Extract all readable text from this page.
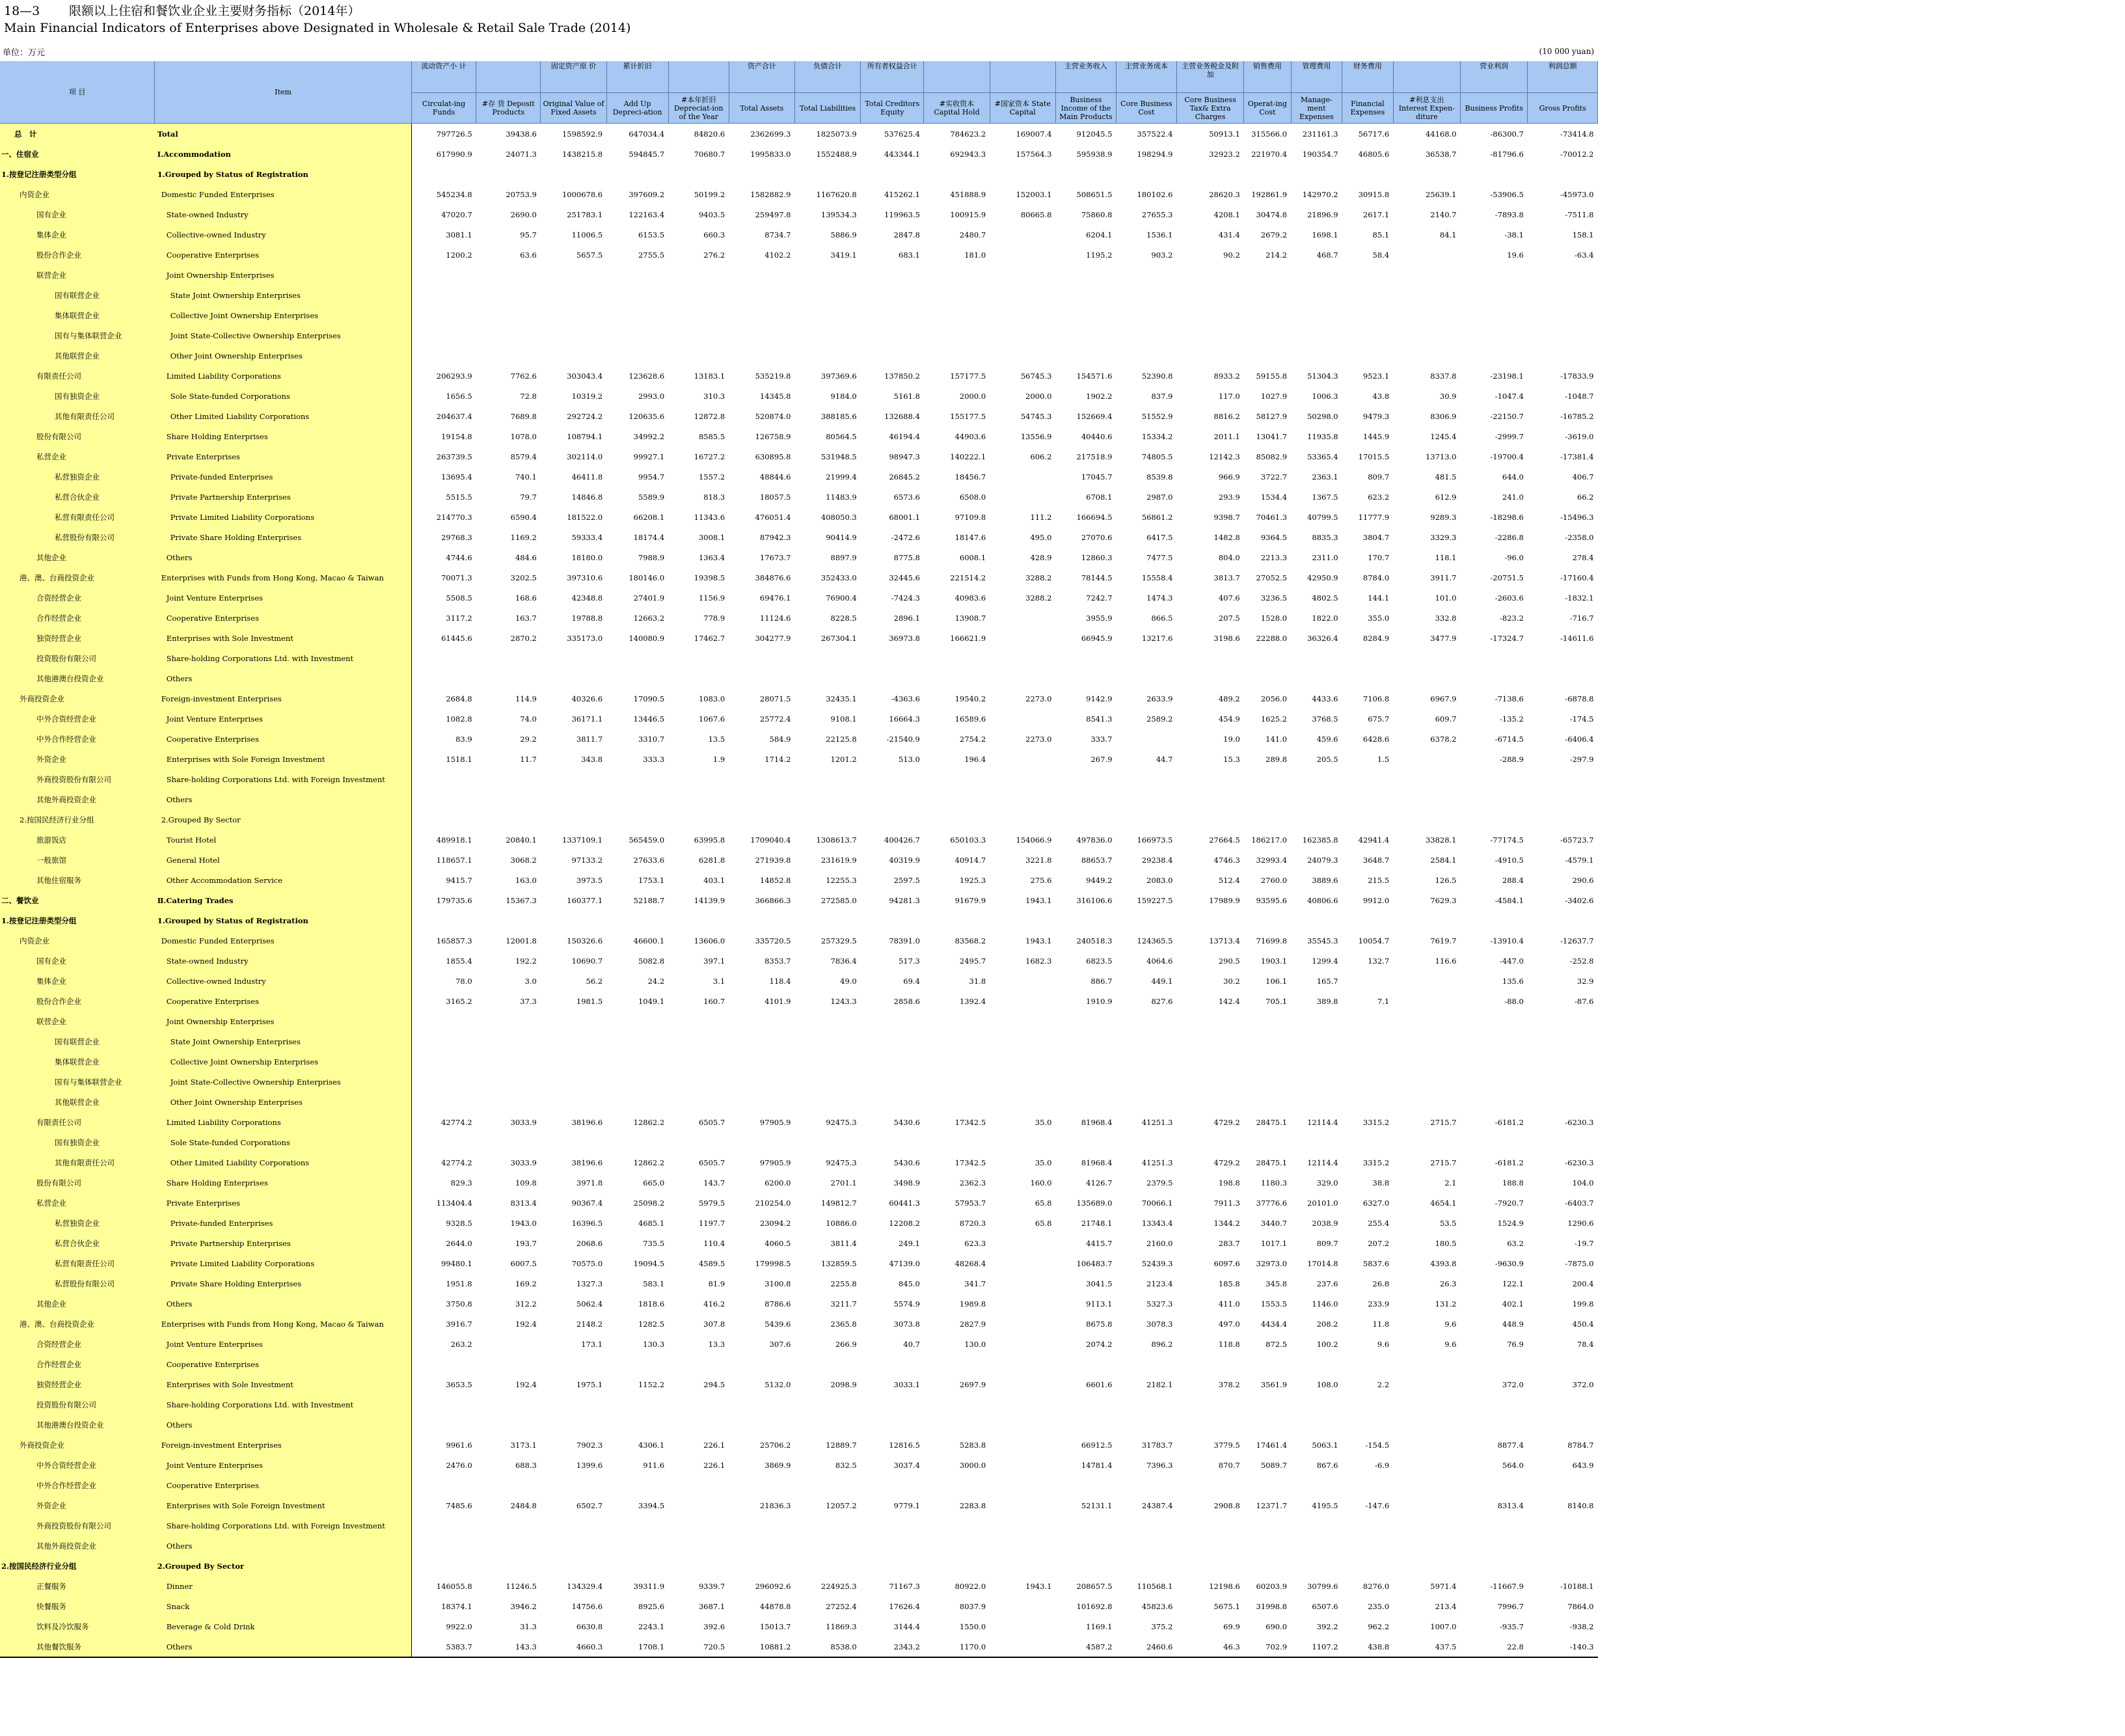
18—3 限额以上住宿和餐饮业企业主要财务指标（2014年）
Main Financial Indicators of Enterprises above Designated in Wholesale & Retail Sale Trade (2014)
单位：万元	(10 000 yuan)
项 目	Item	流动资产小 计		固定资产原 价	累计折旧		资产合计	负债合计	所有者权益合计			主营业务收入	主营业务成本	主营业务税金及附加	销售费用	管理费用	财务费用		营业利润	利润总额
		Circulat-ing Funds	#存 货 Deposit Products	Original Value of Fixed Assets	Add Up Depreci-ation	#本年折旧 Depreciat-ion of the Year	Total Assets	Total Liabilities	Total Creditors Equity	#实收资本 Capital Hold	#国家资本 State Capital	Business Income of the Main Products	Core Business Cost	Core Business Tax& Extra Charges	Operat-ing Cost	Manage-ment Expenses	Financial Expenses	#利息支出 Interest Expen-diture	Business Profits	Gross Profits
总　计	Total	797726.5	39438.6	1598592.9	647034.4	84820.6	2362699.3	1825073.9	537625.4	784623.2	169007.4	912045.5	357522.4	50913.1	315566.0	231161.3	56717.6	44168.0	-86300.7	-73414.8
一、住宿业	Ⅰ.Accommodation	617990.9	24071.3	1438215.8	594845.7	70680.7	1995833.0	1552488.9	443344.1	692943.3	157564.3	595938.9	198294.9	32923.2	221970.4	190354.7	46805.6	36538.7	-81796.6	-70012.2
1.按登记注册类型分组	1.Grouped by Status of Registration																			
内资企业	Domestic Funded Enterprises	545234.8	20753.9	1000678.6	397609.2	50199.2	1582882.9	1167620.8	415262.1	451888.9	152003.1	508651.5	180102.6	28620.3	192861.9	142970.2	30915.8	25639.1	-53906.5	-45973.0
国有企业	State-owned Industry	47020.7	2690.0	251783.1	122163.4	9403.5	259497.8	139534.3	119963.5	100915.9	80665.8	75860.8	27655.3	4208.1	30474.8	21896.9	2617.1	2140.7	-7893.8	-7511.8
集体企业	Collective-owned Industry	3081.1	95.7	11006.5	6153.5	660.3	8734.7	5886.9	2847.8	2480.7		6204.1	1536.1	431.4	2679.2	1698.1	85.1	84.1	-38.1	158.1
股份合作企业	Cooperative Enterprises	1200.2	63.6	5657.5	2755.5	276.2	4102.2	3419.1	683.1	181.0		1195.2	903.2	90.2	214.2	468.7	58.4		19.6	-63.4
联营企业	Joint Ownership Enterprises																			
国有联营企业	State Joint Ownership Enterprises																			
集体联营企业	Collective Joint Ownership Enterprises																			
国有与集体联营企业	Joint State-Collective Ownership Enterprises																			
其他联营企业	Other Joint Ownership Enterprises																			
有限责任公司	Limited Liability Corporations	206293.9	7762.6	303043.4	123628.6	13183.1	535219.8	397369.6	137850.2	157177.5	56745.3	154571.6	52390.8	8933.2	59155.8	51304.3	9523.1	8337.8	-23198.1	-17833.9
国有独资企业	Sole State-funded Corporations	1656.5	72.8	10319.2	2993.0	310.3	14345.8	9184.0	5161.8	2000.0	2000.0	1902.2	837.9	117.0	1027.9	1006.3	43.8	30.9	-1047.4	-1048.7
其他有限责任公司	Other Limited Liability Corporations	204637.4	7689.8	292724.2	120635.6	12872.8	520874.0	388185.6	132688.4	155177.5	54745.3	152669.4	51552.9	8816.2	58127.9	50298.0	9479.3	8306.9	-22150.7	-16785.2
股份有限公司	Share Holding Enterprises	19154.8	1078.0	108794.1	34992.2	8585.5	126758.9	80564.5	46194.4	44903.6	13556.9	40440.6	15334.2	2011.1	13041.7	11935.8	1445.9	1245.4	-2999.7	-3619.0
私营企业	Private Enterprises	263739.5	8579.4	302114.0	99927.1	16727.2	630895.8	531948.5	98947.3	140222.1	606.2	217518.9	74805.5	12142.3	85082.9	53365.4	17015.5	13713.0	-19700.4	-17381.4
私营独资企业	Private-funded Enterprises	13695.4	740.1	46411.8	9954.7	1557.2	48844.6	21999.4	26845.2	18456.7		17045.7	8539.8	966.9	3722.7	2363.1	809.7	481.5	644.0	406.7
私营合伙企业	Private Partnership Enterprises	5515.5	79.7	14846.8	5589.9	818.3	18057.5	11483.9	6573.6	6508.0		6708.1	2987.0	293.9	1534.4	1367.5	623.2	612.9	241.0	66.2
私营有限责任公司	Private Limited Liability Corporations	214770.3	6590.4	181522.0	66208.1	11343.6	476051.4	408050.3	68001.1	97109.8	111.2	166694.5	56861.2	9398.7	70461.3	40799.5	11777.9	9289.3	-18298.6	-15496.3
私营股份有限公司	Private Share Holding Enterprises	29768.3	1169.2	59333.4	18174.4	3008.1	87942.3	90414.9	-2472.6	18147.6	495.0	27070.6	6417.5	1482.8	9364.5	8835.3	3804.7	3329.3	-2286.8	-2358.0
其他企业	Others	4744.6	484.6	18180.0	7988.9	1363.4	17673.7	8897.9	8775.8	6008.1	428.9	12860.3	7477.5	804.0	2213.3	2311.0	170.7	118.1	-96.0	278.4
港、澳、台商投资企业	Enterprises with Funds from Hong Kong, Macao & Taiwan	70071.3	3202.5	397310.6	180146.0	19398.5	384876.6	352433.0	32445.6	221514.2	3288.2	78144.5	15558.4	3813.7	27052.5	42950.9	8784.0	3911.7	-20751.5	-17160.4
合资经营企业	Joint Venture Enterprises	5508.5	168.6	42348.8	27401.9	1156.9	69476.1	76900.4	-7424.3	40983.6	3288.2	7242.7	1474.3	407.6	3236.5	4802.5	144.1	101.0	-2603.6	-1832.1
合作经营企业	Cooperative Enterprises	3117.2	163.7	19788.8	12663.2	778.9	11124.6	8228.5	2896.1	13908.7		3955.9	866.5	207.5	1528.0	1822.0	355.0	332.8	-823.2	-716.7
独资经营企业	Enterprises with Sole Investment	61445.6	2870.2	335173.0	140080.9	17462.7	304277.9	267304.1	36973.8	166621.9		66945.9	13217.6	3198.6	22288.0	36326.4	8284.9	3477.9	-17324.7	-14611.6
投资股份有限公司	Share-holding Corporations Ltd. with Investment																			
其他港澳台投资企业	Others																			
外商投资企业	Foreign-investment Enterprises	2684.8	114.9	40326.6	17090.5	1083.0	28071.5	32435.1	-4363.6	19540.2	2273.0	9142.9	2633.9	489.2	2056.0	4433.6	7106.8	6967.9	-7138.6	-6878.8
中外合资经营企业	Joint Venture Enterprises	1082.8	74.0	36171.1	13446.5	1067.6	25772.4	9108.1	16664.3	16589.6		8541.3	2589.2	454.9	1625.2	3768.5	675.7	609.7	-135.2	-174.5
中外合作经营企业	Cooperative Enterprises	83.9	29.2	3811.7	3310.7	13.5	584.9	22125.8	-21540.9	2754.2	2273.0	333.7		19.0	141.0	459.6	6428.6	6378.2	-6714.5	-6406.4
外资企业	Enterprises with Sole Foreign Investment	1518.1	11.7	343.8	333.3	1.9	1714.2	1201.2	513.0	196.4		267.9	44.7	15.3	289.8	205.5	1.5		-288.9	-297.9
外商投资股份有限公司	Share-holding Corporations Ltd. with Foreign Investment																			
其他外商投资企业	Others																			
2.按国民经济行业分组	2.Grouped By Sector																			
旅游饭店	Tourist Hotel	489918.1	20840.1	1337109.1	565459.0	63995.8	1709040.4	1308613.7	400426.7	650103.3	154066.9	497836.0	166973.5	27664.5	186217.0	162385.8	42941.4	33828.1	-77174.5	-65723.7
一般旅馆	General Hotel	118657.1	3068.2	97133.2	27633.6	6281.8	271939.8	231619.9	40319.9	40914.7	3221.8	88653.7	29238.4	4746.3	32993.4	24079.3	3648.7	2584.1	-4910.5	-4579.1
其他住宿服务	Other Accommodation Service	9415.7	163.0	3973.5	1753.1	403.1	14852.8	12255.3	2597.5	1925.3	275.6	9449.2	2083.0	512.4	2760.0	3889.6	215.5	126.5	288.4	290.6
二、餐饮业	Ⅱ.Catering Trades	179735.6	15367.3	160377.1	52188.7	14139.9	366866.3	272585.0	94281.3	91679.9	1943.1	316106.6	159227.5	17989.9	93595.6	40806.6	9912.0	7629.3	-4584.1	-3402.6
1.按登记注册类型分组	1.Grouped by Status of Registration																			
内资企业	Domestic Funded Enterprises	165857.3	12001.8	150326.6	46600.1	13606.0	335720.5	257329.5	78391.0	83568.2	1943.1	240518.3	124365.5	13713.4	71699.8	35545.3	10054.7	7619.7	-13910.4	-12637.7
国有企业	State-owned Industry	1855.4	192.2	10690.7	5082.8	397.1	8353.7	7836.4	517.3	2495.7	1682.3	6823.5	4064.6	290.5	1903.1	1299.4	132.7	116.6	-447.0	-252.8
集体企业	Collective-owned Industry	78.0	3.0	56.2	24.2	3.1	118.4	49.0	69.4	31.8		886.7	449.1	30.2	106.1	165.7			135.6	32.9
股份合作企业	Cooperative Enterprises	3165.2	37.3	1981.5	1049.1	160.7	4101.9	1243.3	2858.6	1392.4		1910.9	827.6	142.4	705.1	389.8	7.1		-88.0	-87.6
联营企业	Joint Ownership Enterprises																			
国有联营企业	State Joint Ownership Enterprises																			
集体联营企业	Collective Joint Ownership Enterprises																			
国有与集体联营企业	Joint State-Collective Ownership Enterprises																			
其他联营企业	Other Joint Ownership Enterprises																			
有限责任公司	Limited Liability Corporations	42774.2	3033.9	38196.6	12862.2	6505.7	97905.9	92475.3	5430.6	17342.5	35.0	81968.4	41251.3	4729.2	28475.1	12114.4	3315.2	2715.7	-6181.2	-6230.3
国有独资企业	Sole State-funded Corporations																			
其他有限责任公司	Other Limited Liability Corporations	42774.2	3033.9	38196.6	12862.2	6505.7	97905.9	92475.3	5430.6	17342.5	35.0	81968.4	41251.3	4729.2	28475.1	12114.4	3315.2	2715.7	-6181.2	-6230.3
股份有限公司	Share Holding Enterprises	829.3	109.8	3971.8	665.0	143.7	6200.0	2701.1	3498.9	2362.3	160.0	4126.7	2379.5	198.8	1180.3	329.0	38.8	2.1	188.8	104.0
私营企业	Private Enterprises	113404.4	8313.4	90367.4	25098.2	5979.5	210254.0	149812.7	60441.3	57953.7	65.8	135689.0	70066.1	7911.3	37776.6	20101.0	6327.0	4654.1	-7920.7	-6403.7
私营独资企业	Private-funded Enterprises	9328.5	1943.0	16396.5	4685.1	1197.7	23094.2	10886.0	12208.2	8720.3	65.8	21748.1	13343.4	1344.2	3440.7	2038.9	255.4	53.5	1524.9	1290.6
私营合伙企业	Private Partnership Enterprises	2644.0	193.7	2068.6	735.5	110.4	4060.5	3811.4	249.1	623.3		4415.7	2160.0	283.7	1017.1	809.7	207.2	180.5	63.2	-19.7
私营有限责任公司	Private Limited Liability Corporations	99480.1	6007.5	70575.0	19094.5	4589.5	179998.5	132859.5	47139.0	48268.4		106483.7	52439.3	6097.6	32973.0	17014.8	5837.6	4393.8	-9630.9	-7875.0
私营股份有限公司	Private Share Holding Enterprises	1951.8	169.2	1327.3	583.1	81.9	3100.8	2255.8	845.0	341.7		3041.5	2123.4	185.8	345.8	237.6	26.8	26.3	122.1	200.4
其他企业	Others	3750.8	312.2	5062.4	1818.6	416.2	8786.6	3211.7	5574.9	1989.8		9113.1	5327.3	411.0	1553.5	1146.0	233.9	131.2	402.1	199.8
港、澳、台商投资企业	Enterprises with Funds from Hong Kong, Macao & Taiwan	3916.7	192.4	2148.2	1282.5	307.8	5439.6	2365.8	3073.8	2827.9		8675.8	3078.3	497.0	4434.4	208.2	11.8	9.6	448.9	450.4
合资经营企业	Joint Venture Enterprises	263.2		173.1	130.3	13.3	307.6	266.9	40.7	130.0		2074.2	896.2	118.8	872.5	100.2	9.6	9.6	76.9	78.4
合作经营企业	Cooperative Enterprises																			
独资经营企业	Enterprises with Sole Investment	3653.5	192.4	1975.1	1152.2	294.5	5132.0	2098.9	3033.1	2697.9		6601.6	2182.1	378.2	3561.9	108.0	2.2		372.0	372.0
投资股份有限公司	Share-holding Corporations Ltd. with Investment																			
其他港澳台投资企业	Others																			
外商投资企业	Foreign-investment Enterprises	9961.6	3173.1	7902.3	4306.1	226.1	25706.2	12889.7	12816.5	5283.8		66912.5	31783.7	3779.5	17461.4	5063.1	-154.5		8877.4	8784.7
中外合资经营企业	Joint Venture Enterprises	2476.0	688.3	1399.6	911.6	226.1	3869.9	832.5	3037.4	3000.0		14781.4	7396.3	870.7	5089.7	867.6	-6.9		564.0	643.9
中外合作经营企业	Cooperative Enterprises																			
外资企业	Enterprises with Sole Foreign Investment	7485.6	2484.8	6502.7	3394.5		21836.3	12057.2	9779.1	2283.8		52131.1	24387.4	2908.8	12371.7	4195.5	-147.6		8313.4	8140.8
外商投资股份有限公司	Share-holding Corporations Ltd. with Foreign Investment																			
其他外商投资企业	Others																			
2.按国民经济行业分组	2.Grouped By Sector																			
正餐服务	Dinner	146055.8	11246.5	134329.4	39311.9	9339.7	296092.6	224925.3	71167.3	80922.0	1943.1	208657.5	110568.1	12198.6	60203.9	30799.6	8276.0	5971.4	-11667.9	-10188.1
快餐服务	Snack	18374.1	3946.2	14756.6	8925.6	3687.1	44878.8	27252.4	17626.4	8037.9		101692.8	45823.6	5675.1	31998.8	6507.6	235.0	213.4	7996.7	7864.0
饮料及冷饮服务	Beverage & Cold Drink	9922.0	31.3	6630.8	2243.1	392.6	15013.7	11869.3	3144.4	1550.0		1169.1	375.2	69.9	690.0	392.2	962.2	1007.0	-935.7	-938.2
其他餐饮服务	Others	5383.7	143.3	4660.3	1708.1	720.5	10881.2	8538.0	2343.2	1170.0		4587.2	2460.6	46.3	702.9	1107.2	438.8	437.5	22.8	-140.3
